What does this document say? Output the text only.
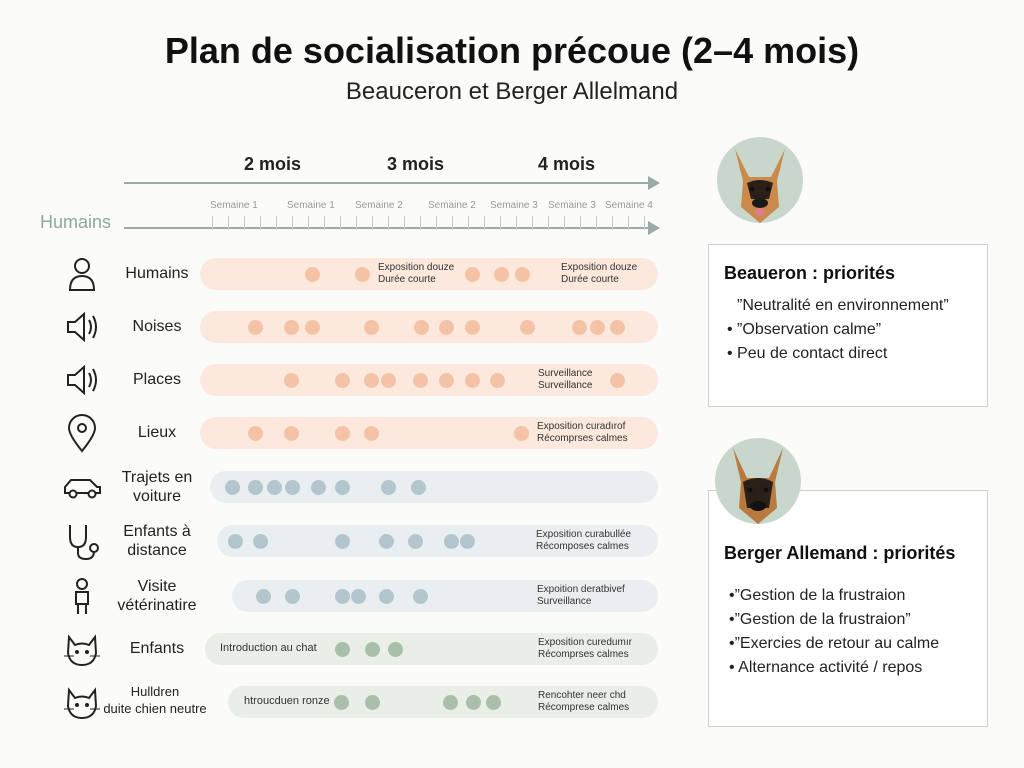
Plan de socialisation précoue (2–4 mois)
Beauceron et Berger Allelmand
2 mois	3 mois	4 mois
Semaine 1	Semaine 1 Semaine 2	Semaine 2 Semaine 3 Semaine 3 Semaine 4
Humains
Humains	Exposition douze
Durée courte
Exposition douze
Durée courte
Noises
Places	Surveillance
Surveillance
Lieux	Exposition curadırof
Récomprses calmes
Trajets en voiture
Enfants à distance
Exposition curabullée
Récomposes calmes
Visite vétérinatire
Expoition deratbivef
Surveillance
Enfants	Exposition curedumır
Récomprses calmes
Introduction au chat
Hulldren
duite chien neutre
Rencohter neer chd
Récomprese calmes
htroucduen ronze
Beaueron : priorités
”Neutralité en environnement”
• ”Observation calme”
• Peu de contact direct
Berger Allemand : priorités
•”Gestion de la frustraion
•”Gestion de la frustraion”
•”Exercies de retour au calme
• Alternance activité / repos
